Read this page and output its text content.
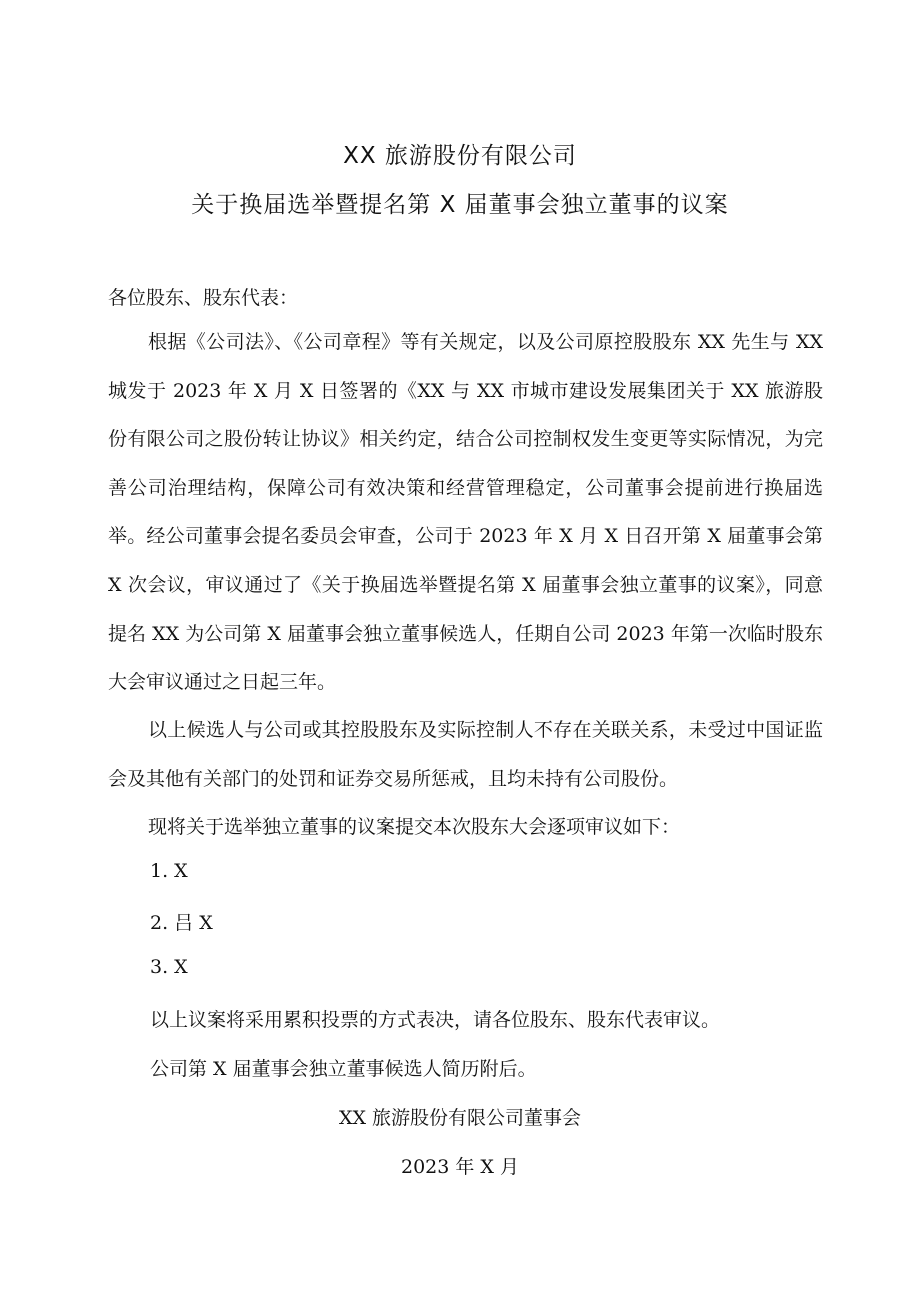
XX 旅游股份有限公司
关于换届选举暨提名第 X 届董事会独立董事的议案
各位股东、股东代表：
根据《公司法》、《公司章程》等有关规定，以及公司原控股股东 XX 先生与 XX 城发于 2023 年 X 月 X 日签署的《XX 与 XX 市城市建设发展集团关于 XX 旅游股份有限公司之股份转让协议》相关约定，结合公司控制权发生变更等实际情况，为完善公司治理结构，保障公司有效决策和经营管理稳定，公司董事会提前进行换届选举。经公司董事会提名委员会审查，公司于 2023 年 X 月 X 日召开第 X 届董事会第 X 次会议，审议通过了《关于换届选举暨提名第 X 届董事会独立董事的议案》，同意提名 XX 为公司第 X 届董事会独立董事候选人，任期自公司 2023 年第一次临时股东大会审议通过之日起三年。
以上候选人与公司或其控股股东及实际控制人不存在关联关系，未受过中国证监会及其他有关部门的处罚和证券交易所惩戒，且均未持有公司股份。
现将关于选举独立董事的议案提交本次股东大会逐项审议如下：
1. X
2. 吕 X
3. X
以上议案将采用累积投票的方式表决，请各位股东、股东代表审议。
公司第 X 届董事会独立董事候选人简历附后。
XX 旅游股份有限公司董事会
2023 年 X 月
